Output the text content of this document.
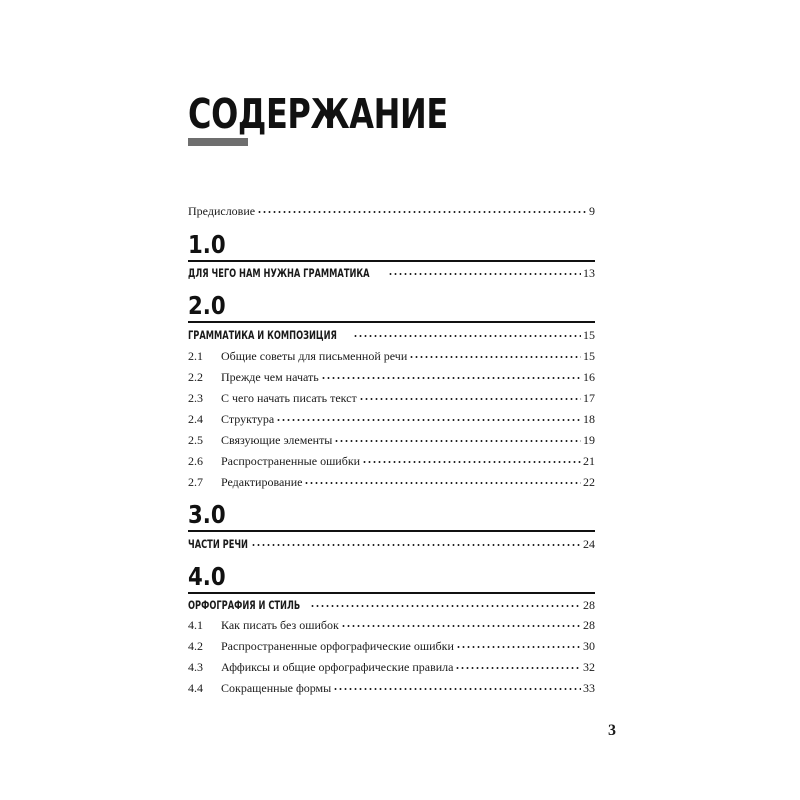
СОДЕРЖАНИЕ
Предисловие	9
1.0
ДЛЯ ЧЕГО НАМ НУЖНА ГРАММАТИКА	13
2.0
ГРАММАТИКА И КОМПОЗИЦИЯ	15
2.1	Общие советы для письменной речи	15
2.2	Прежде чем начать	16
2.3	С чего начать писать текст	17
2.4	Структура	18
2.5	Связующие элементы	19
2.6	Распространенные ошибки	21
2.7	Редактирование	22
3.0
ЧАСТИ РЕЧИ	24
4.0
ОРФОГРАФИЯ И СТИЛЬ	28
4.1	Как писать без ошибок	28
4.2	Распространенные орфографические ошибки	30
4.3	Аффиксы и общие орфографические правила	32
4.4	Сокращенные формы	33
3
